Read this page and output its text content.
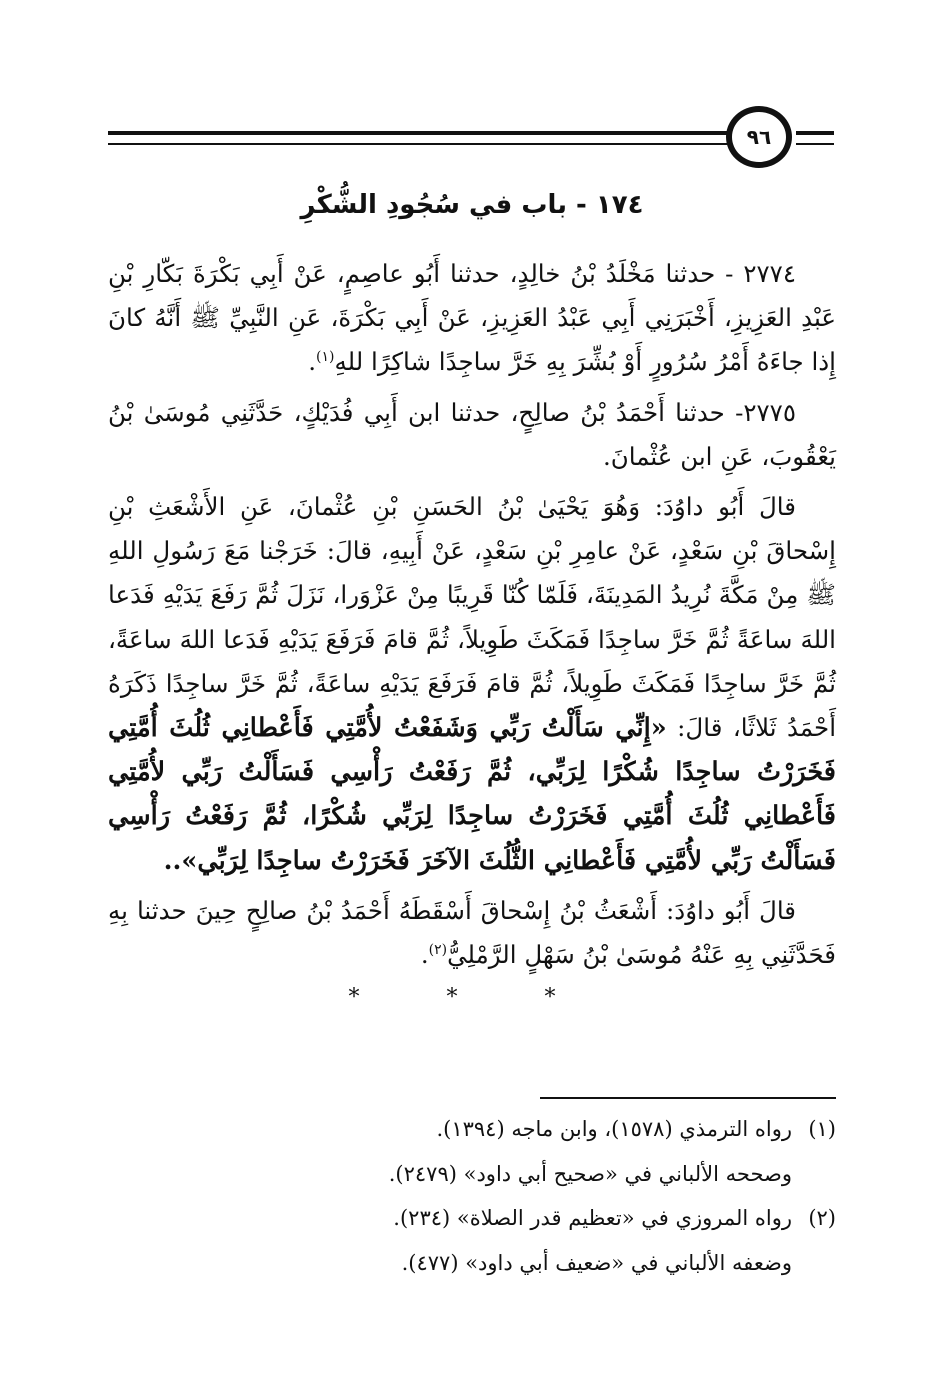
٩٦
١٧٤ - باب في سُجُودِ الشُّكْرِ

٢٧٧٤ - حدثنا مَخْلَدُ بْنُ خالِدٍ، حدثنا أَبُو عاصِمٍ، عَنْ أَبِي بَكْرَةَ بَكّارِ بْنِ عَبْدِ العَزِيزِ، أَخْبَرَنِي أَبِي عَبْدُ العَزِيزِ، عَنْ أَبِي بَكْرَةَ، عَنِ النَّبِيِّ ﷺ أَنَّهُ كانَ إِذا جاءَهُ أَمْرُ سُرُورٍ أَوْ بُشِّرَ بِهِ خَرَّ ساجِدًا شاكِرًا للهِ$^{(١)}$.

٢٧٧٥- حدثنا أَحْمَدُ بْنُ صالِحٍ، حدثنا ابن أَبِي فُدَيْكٍ، حَدَّثَنِي مُوسَىٰ بْنُ يَعْقُوبَ، عَنِ ابن عُثْمانَ.

قالَ أَبُو داوُدَ: وَهُوَ يَحْيَىٰ بْنُ الحَسَنِ بْنِ عُثْمانَ، عَنِ الأَشْعَثِ بْنِ إِسْحاقَ بْنِ سَعْدٍ، عَنْ عامِرِ بْنِ سَعْدٍ، عَنْ أَبِيهِ، قالَ: خَرَجْنا مَعَ رَسُولِ اللهِ ﷺ مِنْ مَكَّةَ نُرِيدُ المَدِينَةَ، فَلَمّا كُنّا قَرِيبًا مِنْ عَزْوَرا، نَزَلَ ثُمَّ رَفَعَ يَدَيْهِ فَدَعا اللهَ ساعَةً ثُمَّ خَرَّ ساجِدًا فَمَكَثَ طَوِيلاً، ثُمَّ قامَ فَرَفَعَ يَدَيْهِ فَدَعا اللهَ ساعَةً، ثُمَّ خَرَّ ساجِدًا فَمَكَثَ طَوِيلاً، ثُمَّ قامَ فَرَفَعَ يَدَيْهِ ساعَةً، ثُمَّ خَرَّ ساجِدًا ذَكَرَهُ أَحْمَدُ ثَلاثًا، قالَ: «إِنِّي سَأَلْتُ رَبِّي وَشَفَعْتُ لأُمَّتِي فَأَعْطانِي ثُلُثَ أُمَّتِي فَخَرَرْتُ ساجِدًا شُكْرًا لِرَبِّي، ثُمَّ رَفَعْتُ رَأْسِي فَسَأَلْتُ رَبِّي لأُمَّتِي فَأَعْطانِي ثُلُثَ أُمَّتِي فَخَرَرْتُ ساجِدًا لِرَبِّي شُكْرًا، ثُمَّ رَفَعْتُ رَأْسِي فَسَأَلْتُ رَبِّي لأُمَّتِي فَأَعْطانِي الثُّلُثَ الآخَرَ فَخَرَرْتُ ساجِدًا لِرَبِّي»..

قالَ أَبُو داوُدَ: أَشْعَثُ بْنُ إِسْحاقَ أَسْقَطَهُ أَحْمَدُ بْنُ صالِحٍ حِينَ حدثنا بِهِ فَحَدَّثَنِي بِهِ عَنْهُ مُوسَىٰ بْنُ سَهْلٍ الرَّمْلِيُّ$^{(٢)}$.

* * *
(١)رواه الترمذي (١٥٧٨)، وابن ماجه (١٣٩٤).
وصححه الألباني في «صحيح أبي داود» (٢٤٧٩).
(٢)رواه المروزي في «تعظيم قدر الصلاة» (٢٣٤).
وضعفه الألباني في «ضعيف أبي داود» (٤٧٧).
